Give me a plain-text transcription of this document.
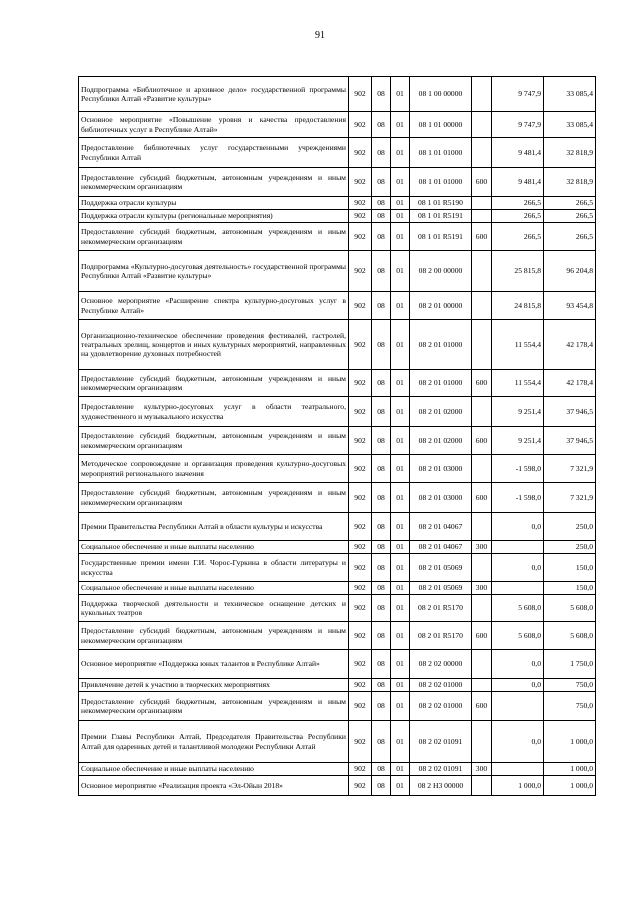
91
Подпрограмма «Библиотечное и архивное дело» государственной программы Республики Алтай «Развитие культуры»	902	08	01	08 1 00 00000		9 747,9	33 085,4
Основное мероприятие «Повышение уровня и качества предоставления библиотечных услуг в Республике Алтай»	902	08	01	08 1 01 00000		9 747,9	33 085,4
Предоставление библиотечных услуг государственными учреждениями Республики Алтай	902	08	01	08 1 01 01000		9 481,4	32 818,9
Предоставление субсидий бюджетным, автономным учреждениям и иным некоммерческим организациям	902	08	01	08 1 01 01000	600	9 481,4	32 818,9
Поддержка отрасли культуры	902	08	01	08 1 01 R5190		266,5	266,5
Поддержка отрасли культуры (региональные мероприятия)	902	08	01	08 1 01 R5191		266,5	266,5
Предоставление субсидий бюджетным, автономным учреждениям и иным некоммерческим организациям	902	08	01	08 1 01 R5191	600	266,5	266,5
Подпрограмма «Культурно-досуговая деятельность» государственной программы Республики Алтай «Развитие культуры»	902	08	01	08 2 00 00000		25 815,8	96 204,8
Основное мероприятие «Расширение спектра культурно-досуговых услуг в Республике Алтай»	902	08	01	08 2 01 00000		24 815,8	93 454,8
Организационно-техническое обеспечение проведения фестивалей, гастролей, театральных зрелищ, концертов и иных культурных мероприятий, направленных на удовлетворение духовных потребностей	902	08	01	08 2 01 01000		11 554,4	42 178,4
Предоставление субсидий бюджетным, автономным учреждениям и иным некоммерческим организациям	902	08	01	08 2 01 01000	600	11 554,4	42 178,4
Предоставление культурно-досуговых услуг в области театрального, художественного и музыкального искусства	902	08	01	08 2 01 02000		9 251,4	37 946,5
Предоставление субсидий бюджетным, автономным учреждениям и иным некоммерческим организациям	902	08	01	08 2 01 02000	600	9 251,4	37 946,5
Методическое сопровождение и организация проведения культурно-досуговых мероприятий регионального значения	902	08	01	08 2 01 03000		-1 598,0	7 321,9
Предоставление субсидий бюджетным, автономным учреждениям и иным некоммерческим организациям	902	08	01	08 2 01 03000	600	-1 598,0	7 321,9
Премии Правительства Республики Алтай в области культуры и искусства	902	08	01	08 2 01 04067		0,0	250,0
Социальное обеспечение и иные выплаты населению	902	08	01	08 2 01 04067	300		250,0
Государственные премии имени Г.И. Чорос-Гуркина в области литературы и искусства	902	08	01	08 2 01 05069		0,0	150,0
Социальное обеспечение и иные выплаты населению	902	08	01	08 2 01 05069	300		150,0
Поддержка творческой деятельности и техническое оснащение детских и кукольных театров	902	08	01	08 2 01 R5170		5 608,0	5 608,0
Предоставление субсидий бюджетным, автономным учреждениям и иным некоммерческим организациям	902	08	01	08 2 01 R5170	600	5 608,0	5 608,0
Основное мероприятие «Поддержка юных талантов в Республике Алтай»	902	08	01	08 2 02 00000		0,0	1 750,0
Привлечение детей к участию в творческих мероприятиях	902	08	01	08 2 02 01000		0,0	750,0
Предоставление субсидий бюджетным, автономным учреждениям и иным некоммерческим организациям	902	08	01	08 2 02 01000	600		750,0
Премии Главы Республики Алтай, Председателя Правительства Республики Алтай для одаренных детей и талантливой молодежи Республики Алтай	902	08	01	08 2 02 01091		0,0	1 000,0
Социальное обеспечение и иные выплаты населению	902	08	01	08 2 02 01091	300		1 000,0
Основное мероприятие «Реализация проекта «Эл-Ойын 2018»	902	08	01	08 2 Н3 00000		1 000,0	1 000,0
